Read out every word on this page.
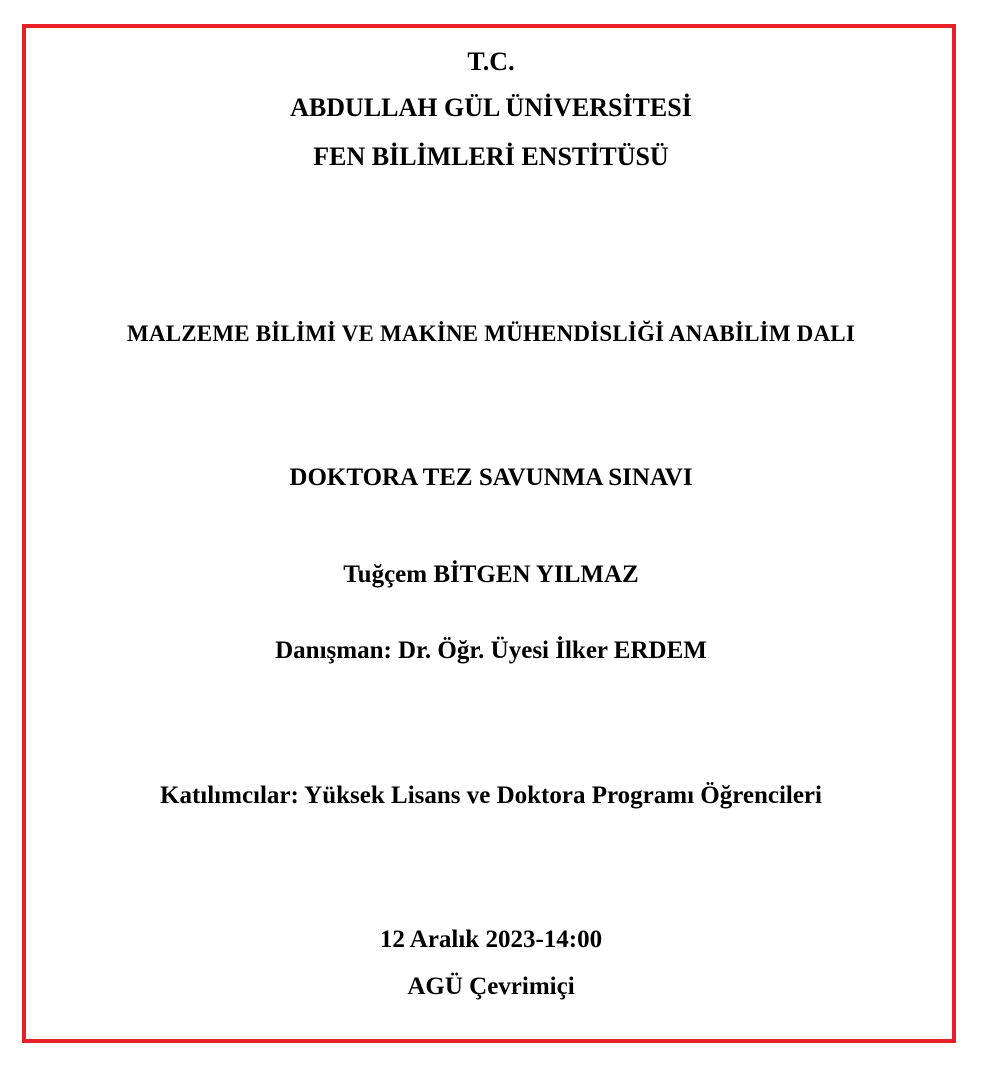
T.C.
ABDULLAH GÜL ÜNİVERSİTESİ
FEN BİLİMLERİ ENSTİTÜSÜ
MALZEME BİLİMİ VE MAKİNE MÜHENDİSLİĞİ ANABİLİM DALI
DOKTORA TEZ SAVUNMA SINAVI
Tuğçem BİTGEN YILMAZ
Danışman: Dr. Öğr. Üyesi İlker ERDEM
Katılımcılar: Yüksek Lisans ve Doktora Programı Öğrencileri
12 Aralık 2023-14:00
AGÜ Çevrimiçi
